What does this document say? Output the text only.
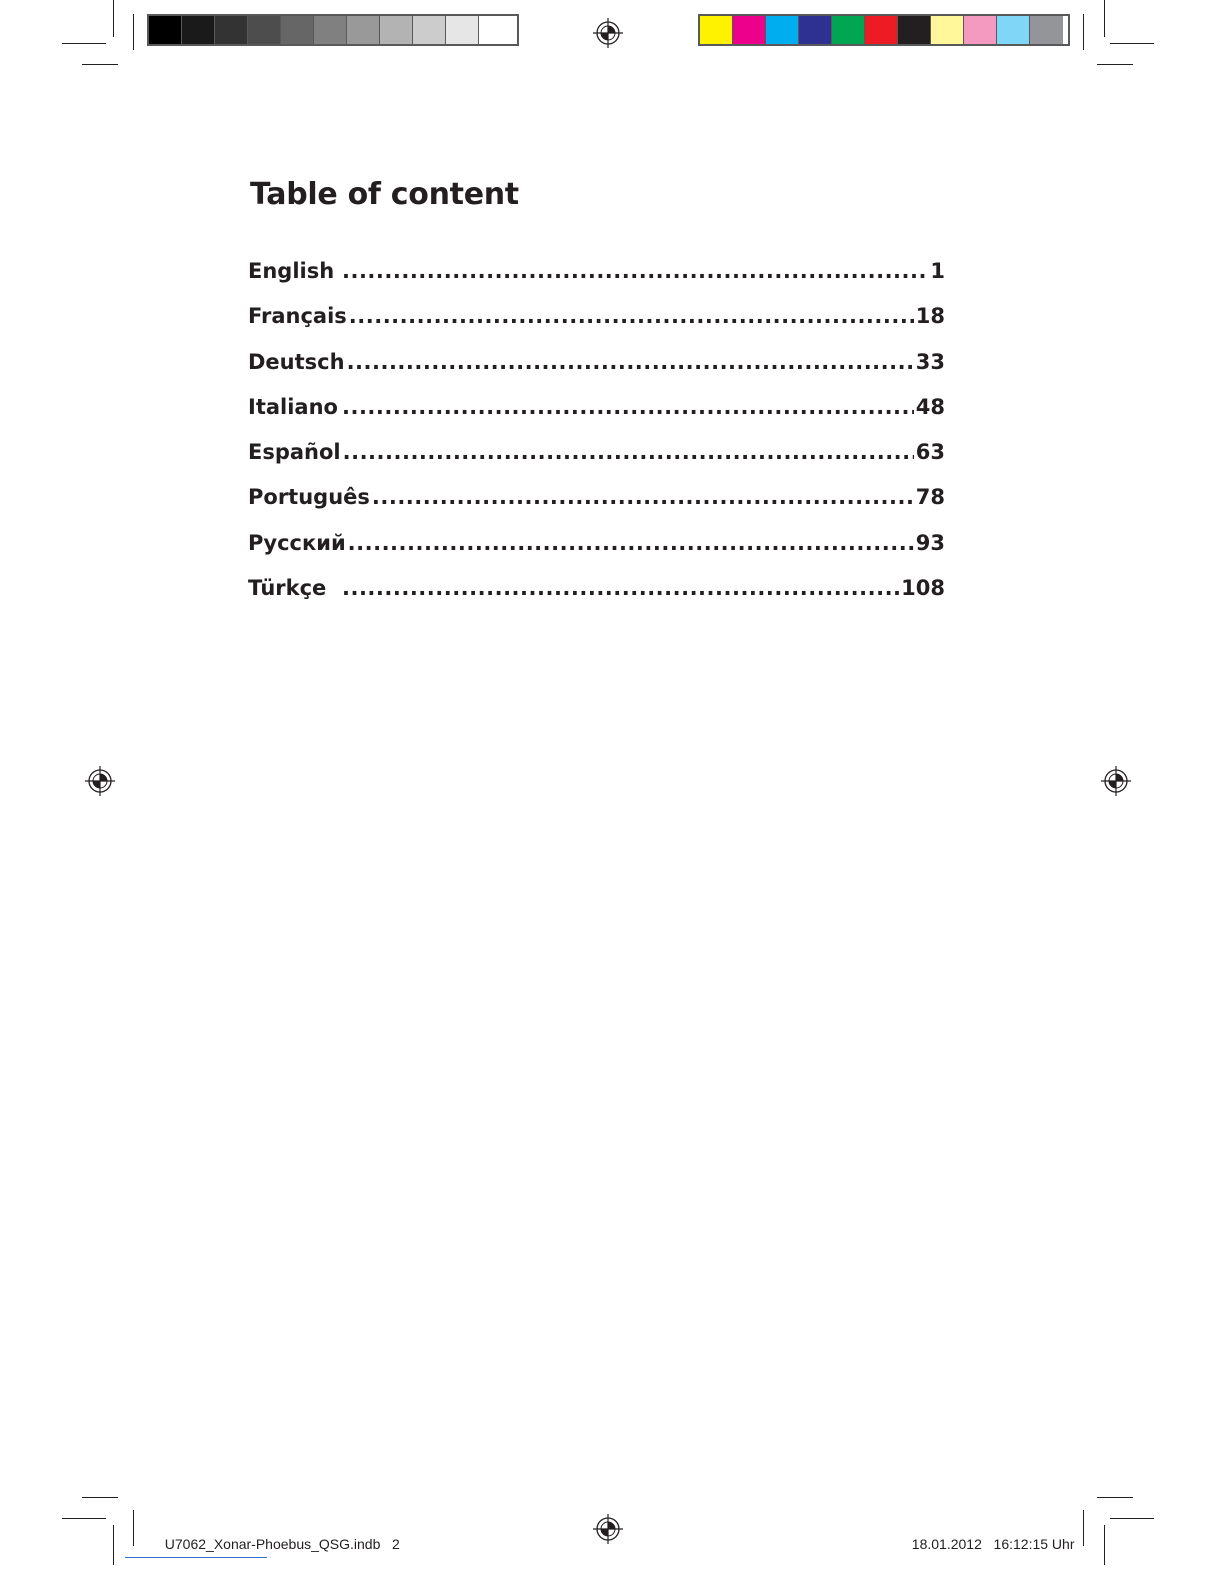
Table of content
English .....	1
Français .....	18
Deutsch .....	33
Italiano .....	48
Español .....	63
Português .....	78
Русский .....	93
Türkçe .....	108

U7062_Xonar-Phoebus_QSG.indb 2	18.01.2012 16:12:15 Uhr
